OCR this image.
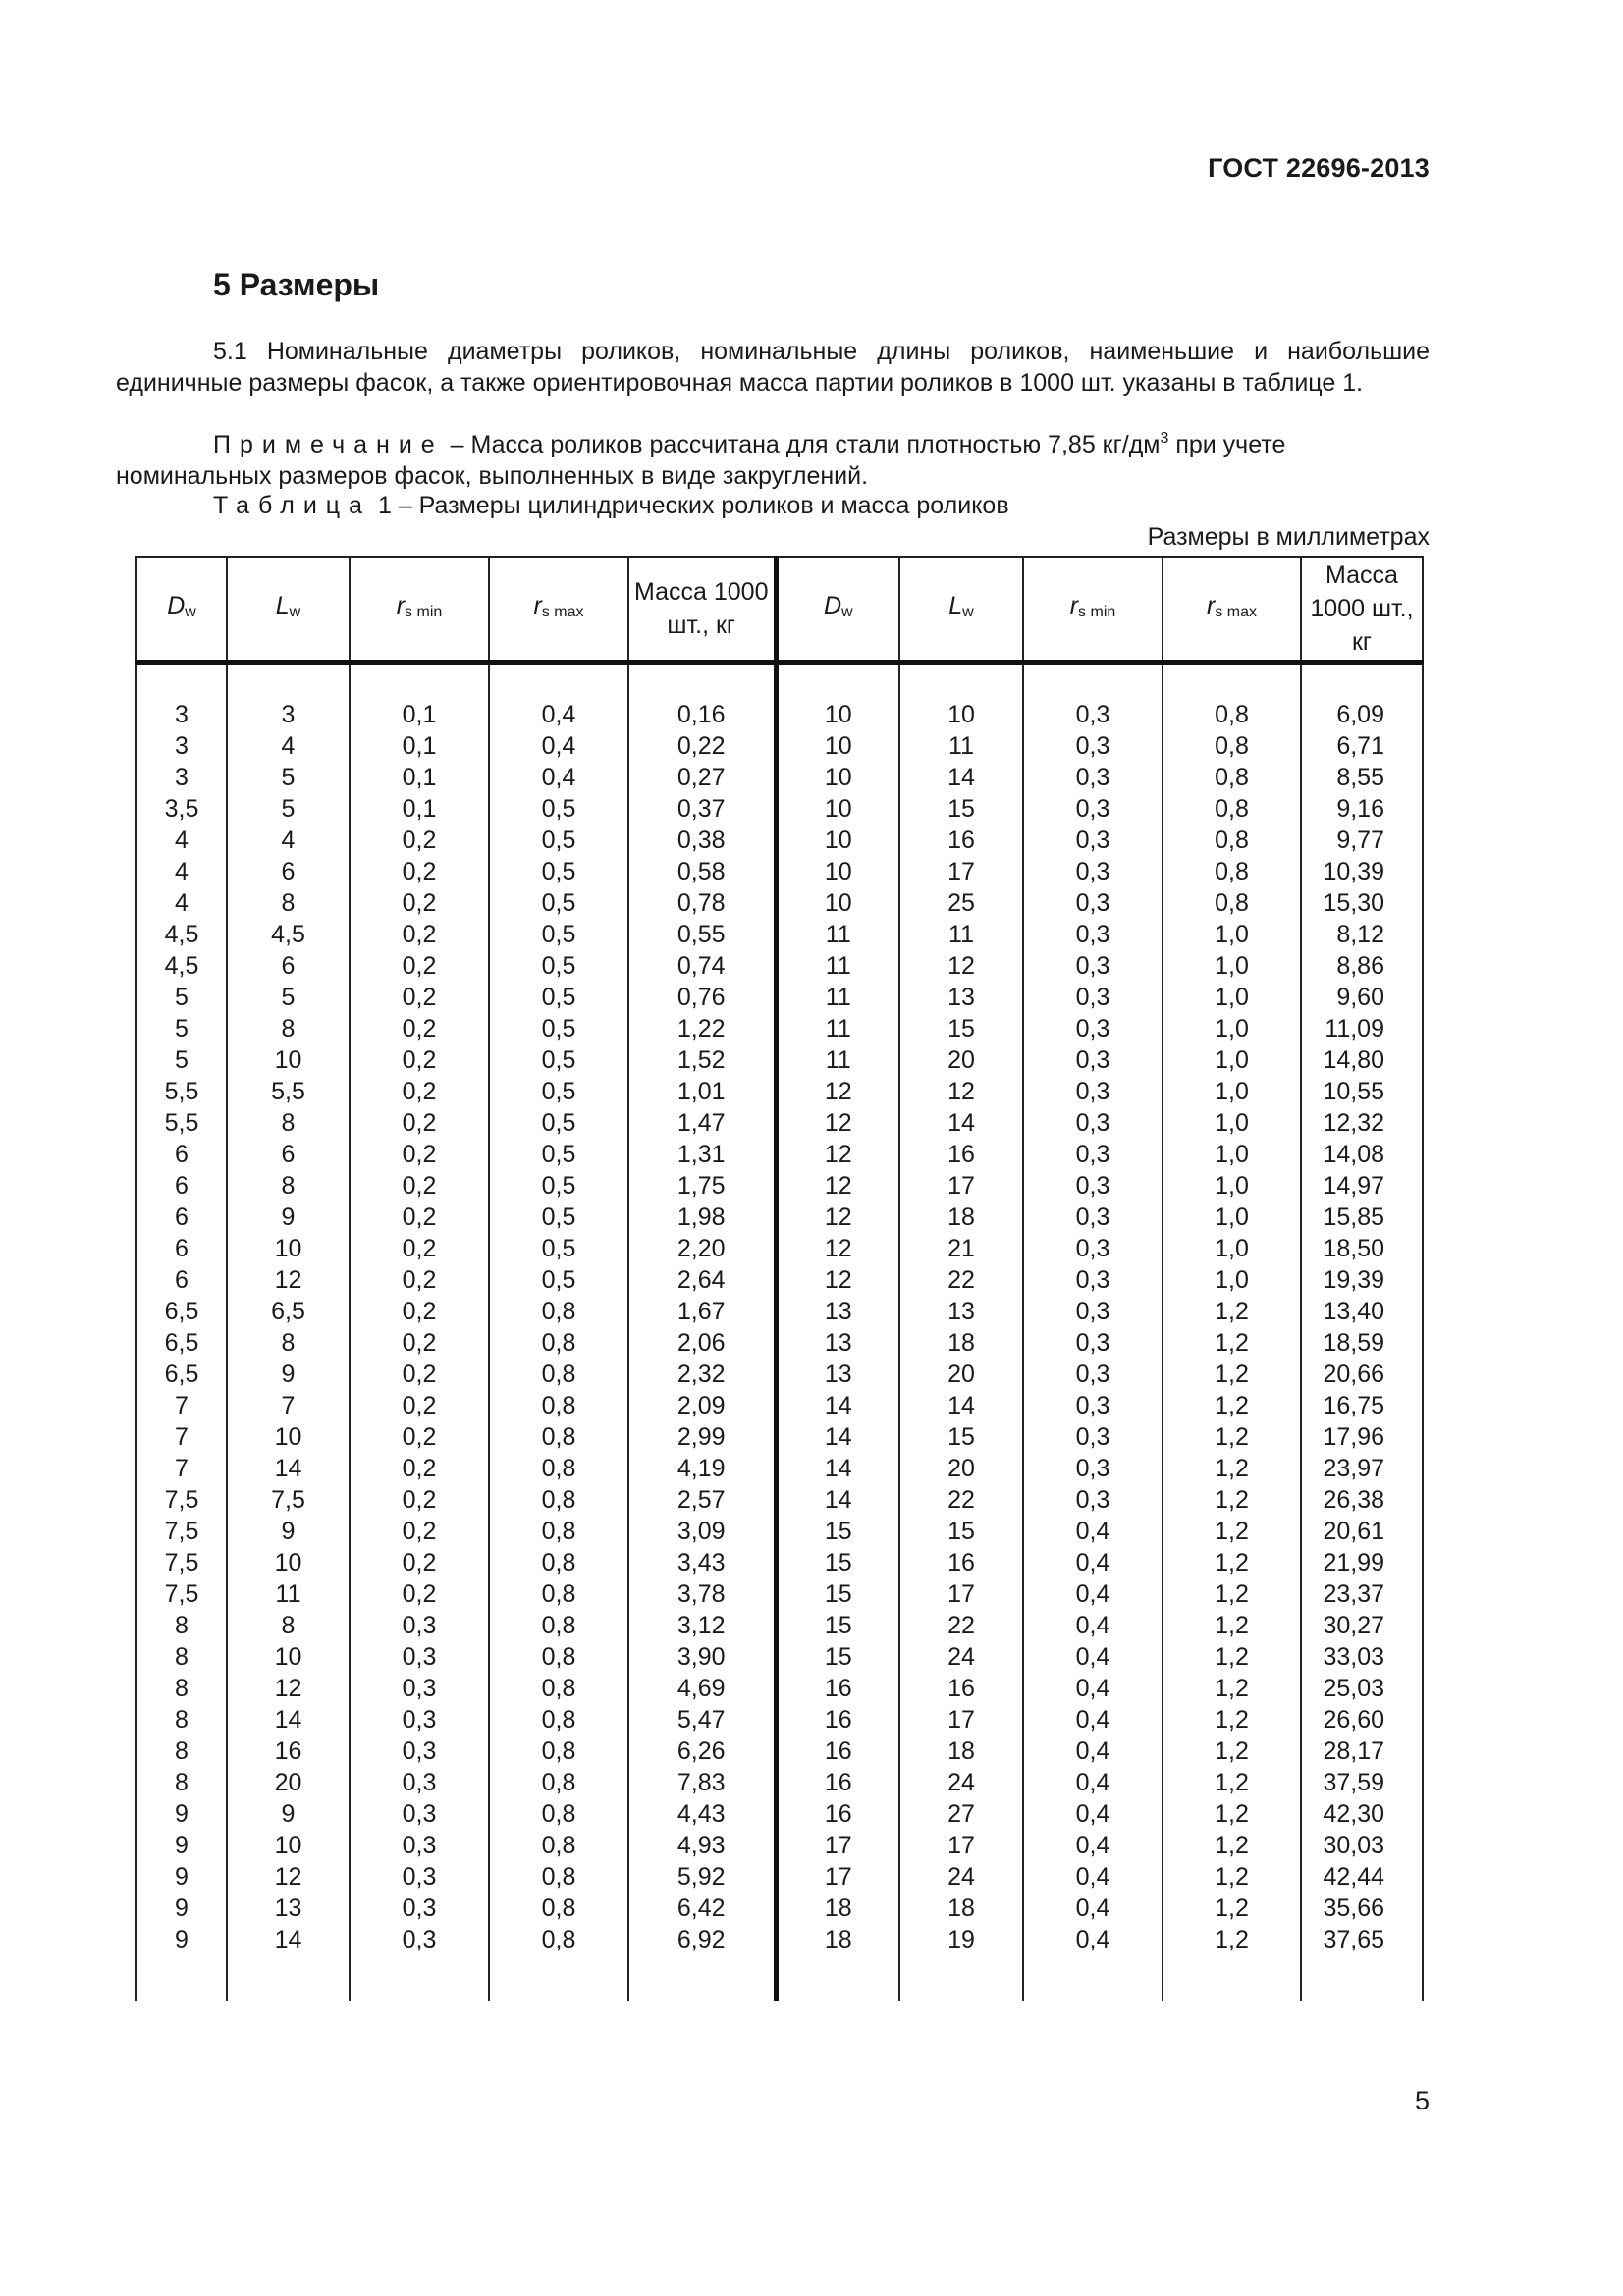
ГОСТ 22696-2013
5 Размеры

5.1 Номинальные диаметры роликов, номинальные длины роликов, наименьшие и наибольшие единичные размеры фасок, а также ориентировочная масса партии роликов в 1000 шт. указаны в таблице 1.

Примечание – Масса роликов рассчитана для стали плотностью 7,85 $кг/дм^3$ при учете номинальных размеров фасок, выполненных в виде закруглений.

Таблица 1 – Размеры цилиндрических роликов и масса роликов
Размеры в миллиметрах
Dw	Lw	rs min	rs max	Масса 1000 шт., кг	Dw	Lw	rs min	rs max	Масса 1000 шт., кг

3	3	0,1	0,4	0,16	10	10	0,3	0,8	6,09
3	4	0,1	0,4	0,22	10	11	0,3	0,8	6,71
3	5	0,1	0,4	0,27	10	14	0,3	0,8	8,55
3,5	5	0,1	0,5	0,37	10	15	0,3	0,8	9,16
4	4	0,2	0,5	0,38	10	16	0,3	0,8	9,77
4	6	0,2	0,5	0,58	10	17	0,3	0,8	10,39
4	8	0,2	0,5	0,78	10	25	0,3	0,8	15,30
4,5	4,5	0,2	0,5	0,55	11	11	0,3	1,0	8,12
4,5	6	0,2	0,5	0,74	11	12	0,3	1,0	8,86
5	5	0,2	0,5	0,76	11	13	0,3	1,0	9,60
5	8	0,2	0,5	1,22	11	15	0,3	1,0	11,09
5	10	0,2	0,5	1,52	11	20	0,3	1,0	14,80
5,5	5,5	0,2	0,5	1,01	12	12	0,3	1,0	10,55
5,5	8	0,2	0,5	1,47	12	14	0,3	1,0	12,32
6	6	0,2	0,5	1,31	12	16	0,3	1,0	14,08
6	8	0,2	0,5	1,75	12	17	0,3	1,0	14,97
6	9	0,2	0,5	1,98	12	18	0,3	1,0	15,85
6	10	0,2	0,5	2,20	12	21	0,3	1,0	18,50
6	12	0,2	0,5	2,64	12	22	0,3	1,0	19,39
6,5	6,5	0,2	0,8	1,67	13	13	0,3	1,2	13,40
6,5	8	0,2	0,8	2,06	13	18	0,3	1,2	18,59
6,5	9	0,2	0,8	2,32	13	20	0,3	1,2	20,66
7	7	0,2	0,8	2,09	14	14	0,3	1,2	16,75
7	10	0,2	0,8	2,99	14	15	0,3	1,2	17,96
7	14	0,2	0,8	4,19	14	20	0,3	1,2	23,97
7,5	7,5	0,2	0,8	2,57	14	22	0,3	1,2	26,38
7,5	9	0,2	0,8	3,09	15	15	0,4	1,2	20,61
7,5	10	0,2	0,8	3,43	15	16	0,4	1,2	21,99
7,5	11	0,2	0,8	3,78	15	17	0,4	1,2	23,37
8	8	0,3	0,8	3,12	15	22	0,4	1,2	30,27
8	10	0,3	0,8	3,90	15	24	0,4	1,2	33,03
8	12	0,3	0,8	4,69	16	16	0,4	1,2	25,03
8	14	0,3	0,8	5,47	16	17	0,4	1,2	26,60
8	16	0,3	0,8	6,26	16	18	0,4	1,2	28,17
8	20	0,3	0,8	7,83	16	24	0,4	1,2	37,59
9	9	0,3	0,8	4,43	16	27	0,4	1,2	42,30
9	10	0,3	0,8	4,93	17	17	0,4	1,2	30,03
9	12	0,3	0,8	5,92	17	24	0,4	1,2	42,44
9	13	0,3	0,8	6,42	18	18	0,4	1,2	35,66
9	14	0,3	0,8	6,92	18	19	0,4	1,2	37,65

5
